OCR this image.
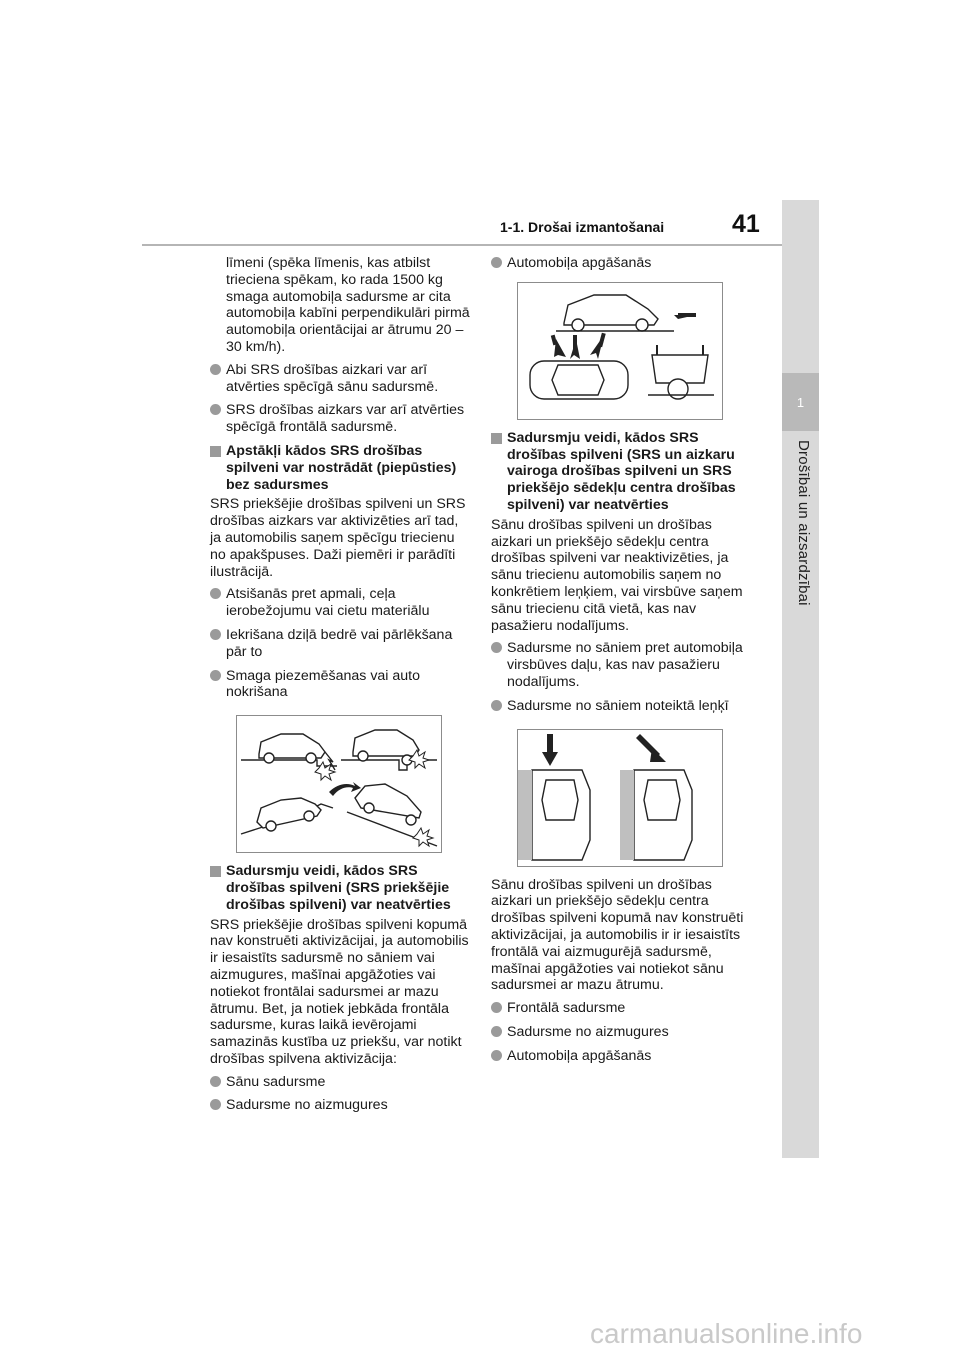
1-1. Drošai izmantošanai	41
1
Drošībai un aizsardzībai
līmeni (spēka līmenis, kas atbilst trieciena spēkam, ko rada 1500 kg smaga automobiļa sadursme ar cita automobiļa kabīni perpendikulāri pirmā automobiļa orientācijai ar ātrumu 20 – 30 km/h).
Abi SRS drošības aizkari var arī atvērties spēcīgā sānu sadursmē.
SRS drošības aizkars var arī atvērties spēcīgā frontālā sadursmē.
Apstākļi kādos SRS drošības spilveni var nostrādāt (piepūsties) bez sadursmes

SRS priekšējie drošības spilveni un SRS drošības aizkars var aktivizēties arī tad, ja automobilis saņem spēcīgu triecienu no apakšpuses. Daži piemēri ir parādīti ilustrācijā.

Atsišanās pret apmali, ceļa ierobežojumu vai cietu materiālu
Iekrišana dziļā bedrē vai pārlēkšana pār to
Smaga piezemēšanas vai auto nokrišana
Sadursmju veidi, kādos SRS drošības spilveni (SRS priekšējie drošības spilveni) var neatvērties

SRS priekšējie drošības spilveni kopumā nav konstruēti aktivizācijai, ja automobilis ir iesaistīts sadursmē no sāniem vai aizmugures, mašīnai apgāžoties vai notiekot frontālai sadursmei ar mazu ātrumu. Bet, ja notiek jebkāda frontāla sadursme, kuras laikā ievērojami samazinās kustība uz priekšu, var notikt drošības spilvena aktivizācija:

Sānu sadursme
Sadursme no aizmugures
Automobiļa apgāšanās
Sadursmju veidi, kādos SRS drošības spilveni (SRS un aizkaru vairoga drošības spilveni un SRS priekšējo sēdekļu centra drošības spilveni) var neatvērties

Sānu drošības spilveni un drošības aizkari un priekšējo sēdekļu centra drošības spilveni var neaktivizēties, ja sānu triecienu automobilis saņem no konkrētiem leņķiem, vai virsbūve saņem sānu triecienu citā vietā, kas nav pasažieru nodalījums.

Sadursme no sāniem pret automobiļa virsbūves daļu, kas nav pasažieru nodalījums.
Sadursme no sāniem noteiktā leņķī

Sānu drošības spilveni un drošības aizkari un priekšējo sēdekļu centra drošības spilveni kopumā nav konstruēti aktivizācijai, ja automobilis ir ir iesaistīts frontālā vai aizmugurējā sadursmē, mašīnai apgāžoties vai notiekot sānu sadursmei ar mazu ātrumu.

Frontālā sadursme
Sadursme no aizmugures
Automobiļa apgāšanās
carmanualsonline.info
